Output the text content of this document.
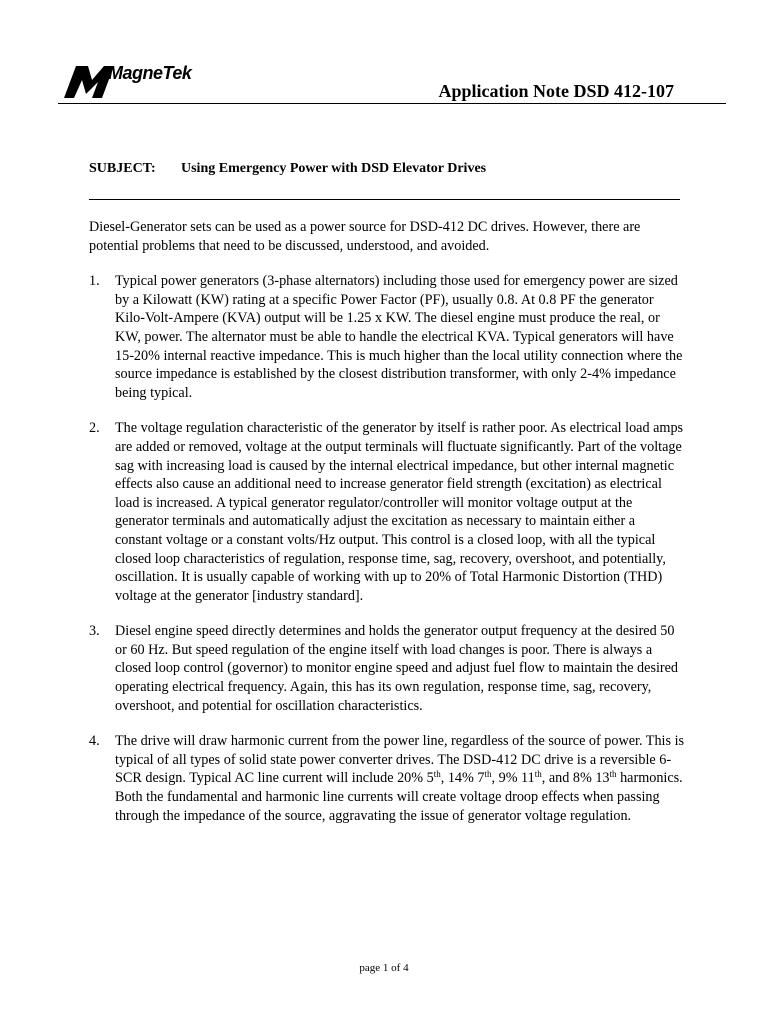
MagneTek
Application Note DSD 412-107
SUBJECT: Using Emergency Power with DSD Elevator Drives

Diesel-Generator sets can be used as a power source for DSD-412 DC drives. However, there are potential problems that need to be discussed, understood, and avoided.

1. Typical power generators (3-phase alternators) including those used for emergency power are sized by a Kilowatt (KW) rating at a specific Power Factor (PF), usually 0.8. At 0.8 PF the generator Kilo-Volt-Ampere (KVA) output will be 1.25 x KW. The diesel engine must produce the real, or KW, power. The alternator must be able to handle the electrical KVA. Typical generators will have 15-20% internal reactive impedance. This is much higher than the local utility connection where the source impedance is established by the closest distribution transformer, with only 2-4% impedance being typical.
2. The voltage regulation characteristic of the generator by itself is rather poor. As electrical load amps are added or removed, voltage at the output terminals will fluctuate significantly. Part of the voltage sag with increasing load is caused by the internal electrical impedance, but other internal magnetic effects also cause an additional need to increase generator field strength (excitation) as electrical load is increased. A typical generator regulator/controller will monitor voltage output at the generator terminals and automatically adjust the excitation as necessary to maintain either a constant voltage or a constant volts/Hz output. This control is a closed loop, with all the typical closed loop characteristics of regulation, response time, sag, recovery, overshoot, and potentially, oscillation. It is usually capable of working with up to 20% of Total Harmonic Distortion (THD) voltage at the generator [industry standard].
3. Diesel engine speed directly determines and holds the generator output frequency at the desired 50 or 60 Hz. But speed regulation of the engine itself with load changes is poor. There is always a closed loop control (governor) to monitor engine speed and adjust fuel flow to maintain the desired operating electrical frequency. Again, this has its own regulation, response time, sag, recovery, overshoot, and potential for oscillation characteristics.
4. The drive will draw harmonic current from the power line, regardless of the source of power. This is typical of all types of solid state power converter drives. The DSD-412 DC drive is a reversible 6-SCR design. Typical AC line current will include 20% 5th, 14% 7th, 9% 11th, and 8% 13th harmonics. Both the fundamental and harmonic line currents will create voltage droop effects when passing through the impedance of the source, aggravating the issue of generator voltage regulation.
page 1 of 4
